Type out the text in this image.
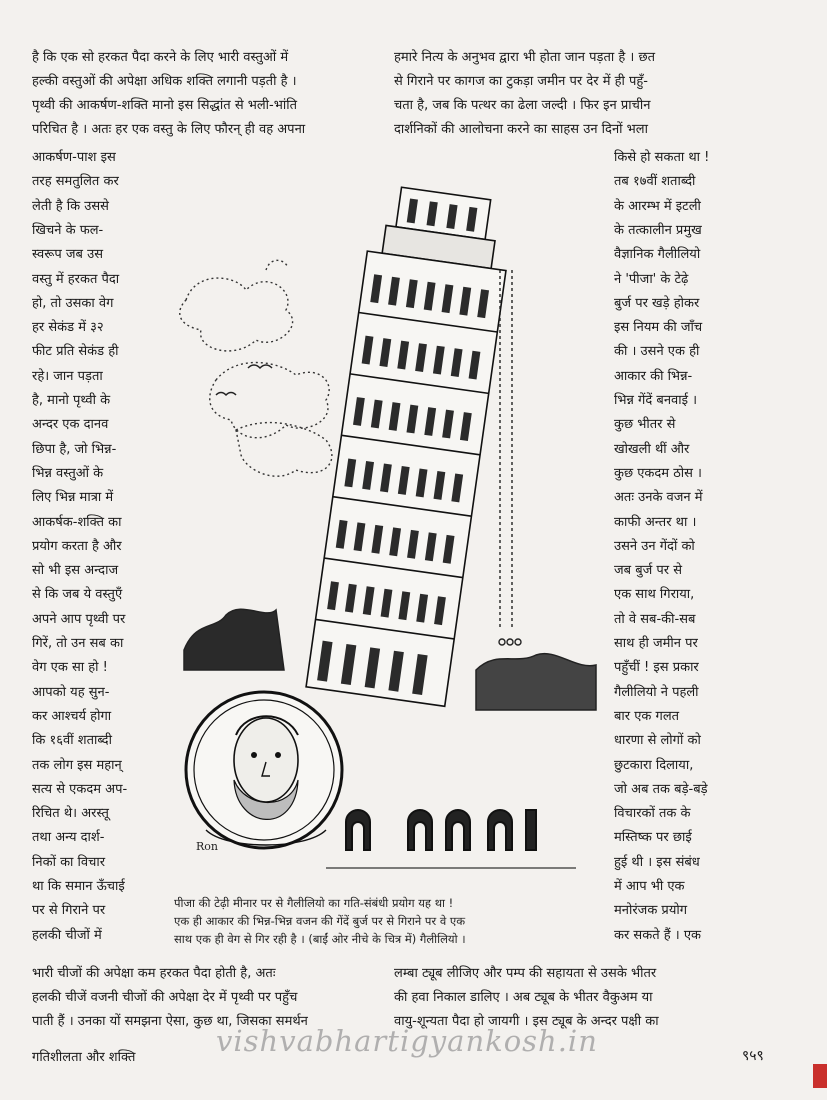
है कि एक सो हरकत पैदा करने के लिए भारी वस्तुओं में
हल्की वस्तुओं की अपेक्षा अधिक शक्ति लगानी पड़ती है ।
पृथ्वी की आकर्षण-शक्ति मानो इस सिद्धांत से भली-भांति
परिचित है । अतः हर एक वस्तु के लिए फौरन् ही वह अपना
हमारे नित्य के अनुभव द्वारा भी होता जान पड़ता है । छत
से गिराने पर कागज का टुकड़ा जमीन पर देर में ही पहुँ-
चता है, जब कि पत्थर का ढेला जल्दी । फिर इन प्राचीन
दार्शनिकों की आलोचना करने का साहस उन दिनों भला
आकर्षण-पाश इस
तरह समतुलित कर
लेती है कि उससे
खिचने के फल-
स्वरूप जब उस
वस्तु में हरकत पैदा
हो, तो उसका वेग
हर सेकंड में ३२
फीट प्रति सेकंड ही
रहे। जान पड़ता
है, मानो पृथ्वी के
अन्दर एक दानव
छिपा है, जो भिन्न-
भिन्न वस्तुओं के
लिए भिन्न मात्रा में
आकर्षक-शक्ति का
प्रयोग करता है और
सो भी इस अन्दाज
से कि जब ये वस्तुएँ
अपने आप पृथ्वी पर
गिरें, तो उन सब का
वेग एक सा हो !
आपको यह सुन-
कर आश्चर्य होगा
कि १६वीं शताब्दी
तक लोग इस महान्
सत्य से एकदम अप-
रिचित थे। अरस्तू
तथा अन्य दार्श-
निकों का विचार
था कि समान ऊँचाई
पर से गिराने पर
हलकी चीजों में
किसे हो सकता था !
तब १७वीं शताब्दी
के आरम्भ में इटली
के तत्कालीन प्रमुख
वैज्ञानिक गैलीलियो
ने 'पीजा' के टेढ़े
बुर्ज पर खड़े होकर
इस नियम की जाँच
की । उसने एक ही
आकार की भिन्न-
भिन्न गेंदें बनवाई ।
कुछ भीतर से
खोखली थीं और
कुछ एकदम ठोस ।
अतः उनके वजन में
काफी अन्तर था ।
उसने उन गेंदों को
जब बुर्ज पर से
एक साथ गिराया,
तो वे सब-की-सब
साथ ही जमीन पर
पहुँचीं ! इस प्रकार
गैलीलियो ने पहली
बार एक गलत
धारणा से लोगों को
छुटकारा दिलाया,
जो अब तक बड़े-बड़े
विचारकों तक के
मस्तिष्क पर छाई
हुई थी । इस संबंध
में आप भी एक
मनोरंजक प्रयोग
कर सकते हैं । एक
Ron
पीजा की टेढ़ी मीनार पर से गैलीलियो का गति-संबंधी प्रयोग यह था !
एक ही आकार की भिन्न-भिन्न वजन की गेंदें बुर्ज पर से गिराने पर वे एक
साथ एक ही वेग से गिर रही है । (बाईं ओर नीचे के चित्र में) गैलीलियो ।
भारी चीजों की अपेक्षा कम हरकत पैदा होती है, अतः
हलकी चीजें वजनी चीजों की अपेक्षा देर में पृथ्वी पर पहुँच
पाती हैं । उनका यों समझना ऐसा, कुछ था, जिसका समर्थन
लम्बा ट्यूब लीजिए और पम्प की सहायता से उसके भीतर
की हवा निकाल डालिए । अब ट्यूब के भीतर वैकुअम या
वायु-शून्यता पैदा हो जायगी । इस ट्यूब के अन्दर पक्षी का
गतिशीलता और शक्ति	vishvabhartigyankosh.in	९५९
